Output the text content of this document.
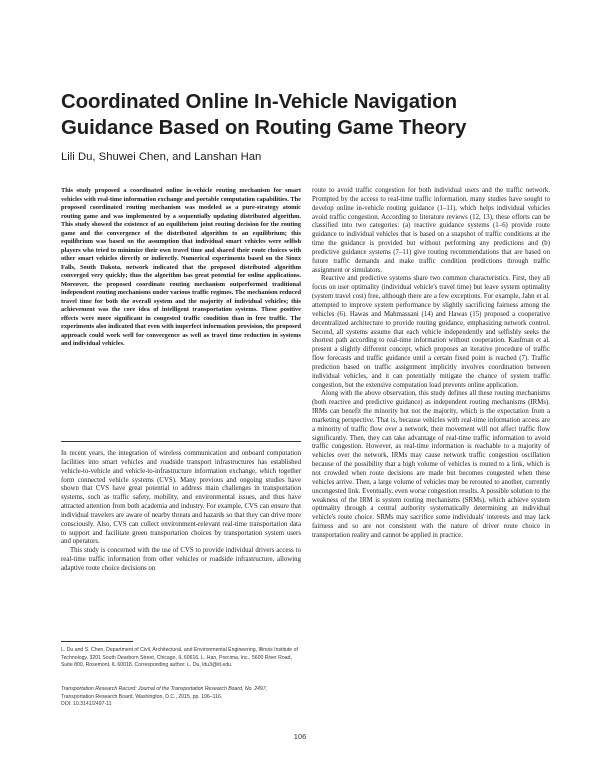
Coordinated Online In-Vehicle Navigation
Guidance Based on Routing Game Theory
Lili Du, Shuwei Chen, and Lanshan Han
This study proposed a coordinated online in-vehicle routing mechanism for smart vehicles with real-time information exchange and portable computation capabilities. The proposed coordinated routing mechanism was modeled as a pure-strategy atomic routing game and was implemented by a sequentially updating distributed algorithm. This study showed the existence of an equilibrium joint routing decision for the routing game and the convergence of the distributed algorithm to an equilibrium; this equilibrium was based on the assumption that individual smart vehicles were selfish players who tried to minimize their own travel time and shared their route choices with other smart vehicles directly or indirectly. Numerical experiments based on the Sioux Falls, South Dakota, network indicated that the proposed distributed algorithm converged very quickly; thus the algorithm has great potential for online applications. Moreover, the proposed coordinate routing mechanism outperformed traditional independent routing mechanisms under various traffic regimes. The mechanism reduced travel time for both the overall system and the majority of individual vehicles; this achievement was the core idea of intelligent transportation systems. These positive effects were more significant in congested traffic condition than in free traffic. The experiments also indicated that even with imperfect information provision, the proposed approach could work well for convergence as well as travel time reduction in systems and individual vehicles.

In recent years, the integration of wireless communication and onboard computation facilities into smart vehicles and roadside transport infrastructures has established vehicle-to-vehicle and vehicle-to-infrastructure information exchange, which together form connected vehicle systems (CVS). Many previous and ongoing studies have shown that CVS have great potential to address main challenges in transportation systems, such as traffic safety, mobility, and environmental issues, and thus have attracted attention from both academia and industry. For example, CVS can ensure that individual travelers are aware of nearby threats and hazards so that they can drive more consciously. Also, CVS can collect environment-relevant real-time transportation data to support and facilitate green transportation choices by transportation system users and operators.

This study is concerned with the use of CVS to provide individual drivers access to real-time traffic information from other vehicles or roadside infrastructure, allowing adaptive route choice decisions on

L. Du and S. Chen, Department of Civil, Architectural, and Environmental Engineering, Illinois Institute of Technology, 3201 South Dearborn Street, Chicago, IL 60616. L. Han, Precima, Inc., 5600 River Road, Suite 800, Rosemont, IL 60018. Corresponding author: L. Du, ldu3@iit.edu.
Transportation Research Record: Journal of the Transportation Research Board, No. 2497, Transportation Research Board, Washington, D.C., 2015, pp. 106–116.
DOI: 10.3141/2497-11

route to avoid traffic congestion for both individual users and the traffic network. Prompted by the access to real-time traffic information, many studies have sought to develop online in-vehicle routing guidance (1–11), which helps individual vehicles avoid traffic congestion. According to literature reviews (12, 13), these efforts can be classified into two categories: (a) reactive guidance systems (1–6) provide route guidance to individual vehicles that is based on a snapshot of traffic conditions at the time the guidance is provided but without performing any predictions and (b) predictive guidance systems (7–11) give routing recommendations that are based on future traffic demands and make traffic condition predictions through traffic assignment or simulators.

Reactive and predictive systems share two common characteristics. First, they all focus on user optimality (individual vehicle's travel time) but leave system optimality (system travel cost) free, although there are a few exceptions. For example, Jahn et al. attempted to improve system performance by slightly sacrificing fairness among the vehicles (6). Hawas and Mahmassani (14) and Hawas (15) proposed a cooperative decentralized architecture to provide routing guidance, emphasizing network control. Second, all systems assume that each vehicle independently and selfishly seeks the shortest path according to real-time information without cooperation. Kaufman et al. present a slightly different concept, which proposes an iterative procedure of traffic flow forecasts and traffic guidance until a certain fixed point is reached (7). Traffic prediction based on traffic assignment implicitly involves coordination between individual vehicles, and it can potentially mitigate the chance of system traffic congestion, but the extensive computation load prevents online application.

Along with the above observation, this study defines all these routing mechanisms (both reactive and predictive guidance) as independent routing mechanisms (IRMs). IRMs can benefit the minority but not the majority, which is the expectation from a marketing perspective. That is, because vehicles with real-time information access are a minority of traffic flow over a network, their movement will not affect traffic flow significantly. Then, they can take advantage of real-time traffic information to avoid traffic congestion. However, as real-time information is reachable to a majority of vehicles over the network, IRMs may cause network traffic congestion oscillation because of the possibility that a high volume of vehicles is routed to a link, which is not crowded when route decisions are made but becomes congested when these vehicles arrive. Then, a large volume of vehicles may be rerouted to another, currently uncongested link. Eventually, even worse congestion results. A possible solution to the weakness of the IRM is system routing mechanisms (SRMs), which achieve system optimality through a central authority systematically determining an individual vehicle's route choice. SRMs may sacrifice some individuals' interests and may lack fairness and so are not consistent with the nature of driver route choice in transportation reality and cannot be applied in practice.

106
